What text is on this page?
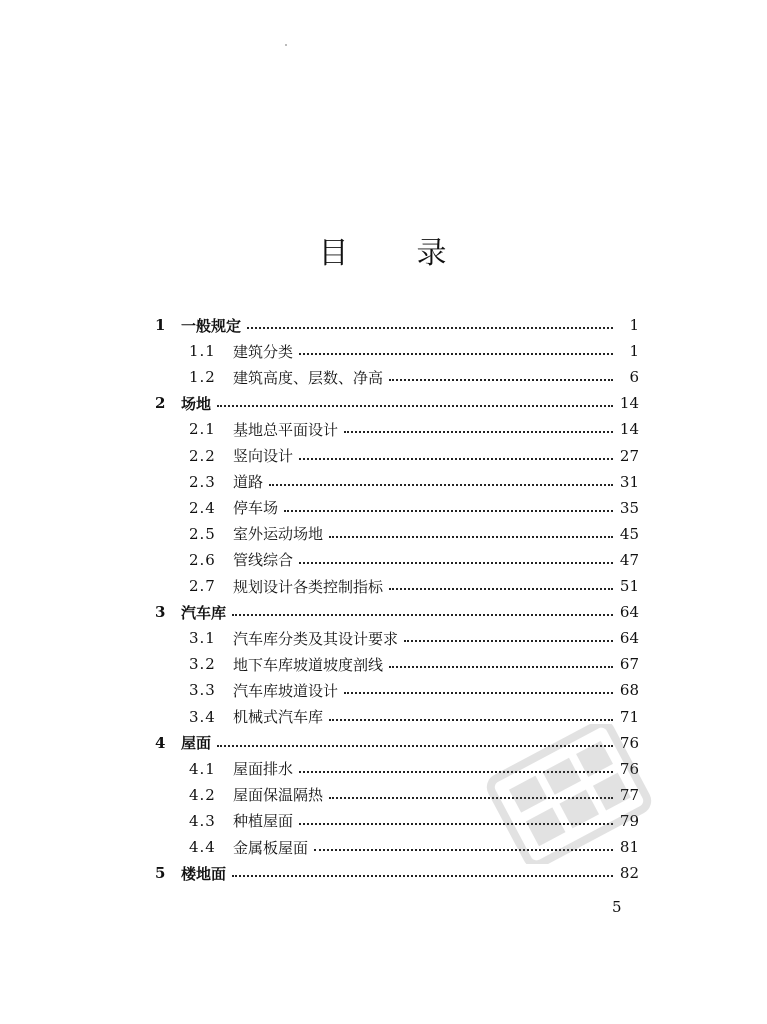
目 录
1	一般规定	1
1.1	建筑分类	1
1.2	建筑高度、层数、净高	6
2	场地	14
2.1	基地总平面设计	14
2.2	竖向设计	27
2.3	道路	31
2.4	停车场	35
2.5	室外运动场地	45
2.6	管线综合	47
2.7	规划设计各类控制指标	51
3	汽车库	64
3.1	汽车库分类及其设计要求	64
3.2	地下车库坡道坡度剖线	67
3.3	汽车库坡道设计	68
3.4	机械式汽车库	71
4	屋面	76
4.1	屋面排水	76
4.2	屋面保温隔热	77
4.3	种植屋面	79
4.4	金属板屋面	81
5	楼地面	82
5
